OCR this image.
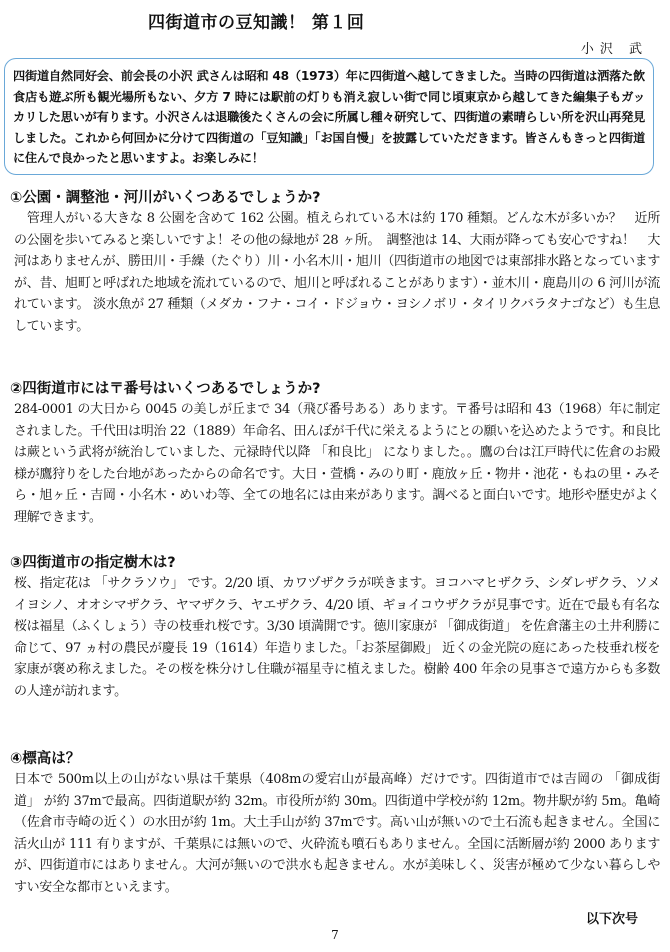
四街道市の豆知識！ 第１回
小沢 武

四街道自然同好会、前会長の小沢 武さんは昭和 48（1973）年に四街道へ越してきました。当時の四街道は洒落た飲食店も遊ぶ所も観光場所もない、夕方 7 時には駅前の灯りも消え寂しい街で同じ頃東京から越してきた編集子もガッカリした思いが有ります。小沢さんは退職後たくさんの会に所属し種々研究して、四街道の素晴らしい所を沢山再発見しました。これから何回かに分けて四街道の「豆知識」「お国自慢」を披露していただきます。皆さんもきっと四街道に住んで良かったと思いますよ。お楽しみに！

①公園・調整池・河川がいくつあるでしょうか?

　管理人がいる大きな 8 公園を含めて 162 公園。植えられている木は約 170 種類。どんな木が多いか？　近所の公園を歩いてみると楽しいですよ！その他の緑地が 28 ヶ所。　調整池は 14、大雨が降っても安心ですね！　大河はありませんが、勝田川・手繰（たぐり）川・小名木川・旭川（四街道市の地図では東部排水路となっていますが、昔、旭町と呼ばれた地域を流れているので、旭川と呼ばれることがあります）・並木川・鹿島川の 6 河川が流れています。 淡水魚が 27 種類（メダカ・フナ・コイ・ドジョウ・ヨシノボリ・タイリクバラタナゴなど）も生息しています。

②四街道市には〒番号はいくつあるでしょうか?

284-0001 の大日から 0045 の美しが丘まで 34（飛び番号ある）あります。〒番号は昭和 43（1968）年に制定されました。千代田は明治 22（1889）年命名、田んぼが千代に栄えるようにとの願いを込めたようです。和良比は蕨という武将が統治していました、元禄時代以降 「和良比」 になりました。。鷹の台は江戸時代に佐倉のお殿様が鷹狩りをした台地があったからの命名です。大日・萱橋・みのり町・鹿放ヶ丘・物井・池花・もねの里・みそら・旭ヶ丘・吉岡・小名木・めいわ等、全ての地名には由来があります。調べると面白いです。地形や歴史がよく理解できます。

③四街道市の指定樹木は?

桜、指定花は 「サクラソウ」 です。2/20 頃、カワヅザクラが咲きます。ヨコハマヒザクラ、シダレザクラ、ソメイヨシノ、オオシマザクラ、ヤマザクラ、ヤエザクラ、4/20 頃、ギョイコウザクラが見事です。近在で最も有名な桜は福星（ふくしょう）寺の枝垂れ桜です。3/30 頃満開です。徳川家康が 「御成街道」 を佐倉藩主の土井利勝に命じて、97 ヵ村の農民が慶長 19（1614）年造りました。「お茶屋御殿」 近くの金光院の庭にあった枝垂れ桜を家康が褒め称えました。その桜を株分けし住職が福星寺に植えました。樹齢 400 年余の見事さで遠方からも多数の人達が訪れます。

④標高は？

日本で 500m以上の山がない県は千葉県（408mの愛宕山が最高峰）だけです。四街道市では吉岡の 「御成街道」 が約 37mで最高。四街道駅が約 32m。市役所が約 30m。四街道中学校が約 12m。物井駅が約 5m。亀崎（佐倉市寺崎の近く）の水田が約 1m。大土手山が約 37mです。高い山が無いので土石流も起きません。全国に活火山が 111 有りますが、千葉県には無いので、火砕流も噴石もありません。全国に活断層が約 2000 ありますが、四街道市にはありません。大河が無いので洪水も起きません。水が美味しく、災害が極めて少ない暮らしやすい安全な都市といえます。

以下次号
7
